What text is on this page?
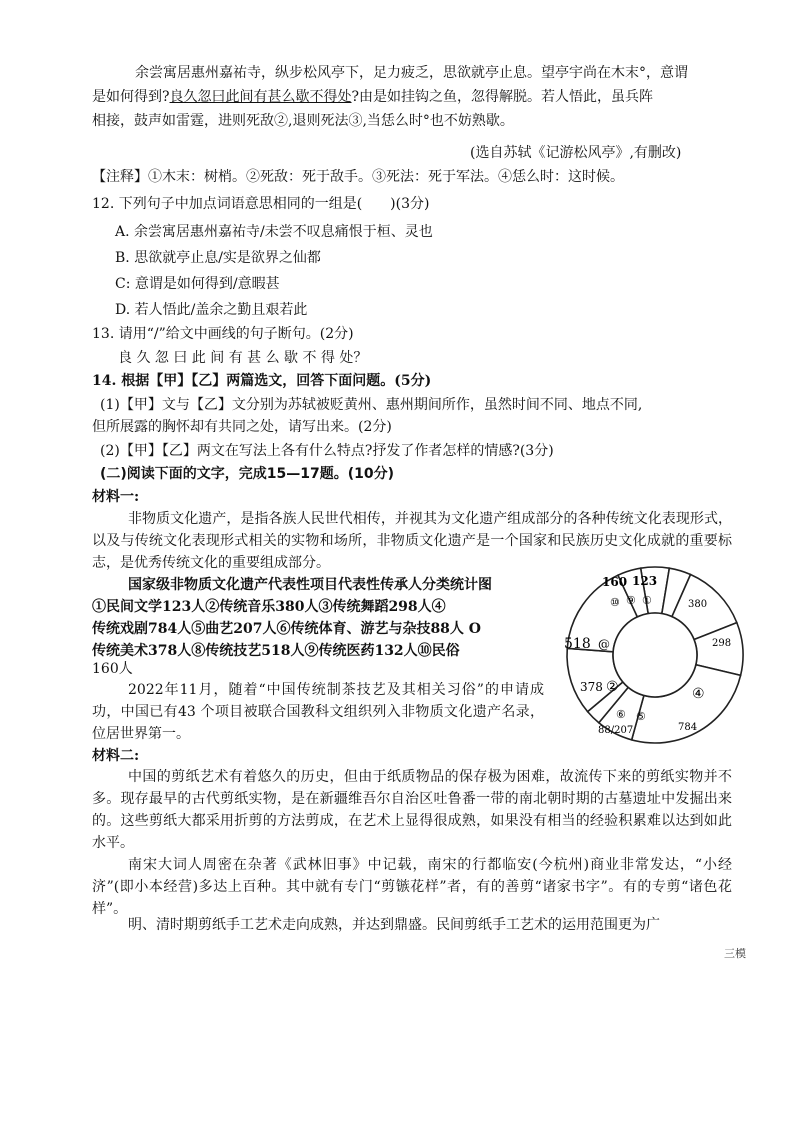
余尝寓居惠州嘉祐寺，纵步松风亭下，足力疲乏，思欲就亭止息。望亭宇尚在木末°，意谓
是如何得到?良久忽曰此间有甚么歇不得处?由是如挂钩之鱼，忽得解脱。若人悟此，虽兵阵
相接，鼓声如雷霆，进则死敌②,退则死法③,当恁么时°也不妨熟歇。
(选自苏轼《记游松风亭》,有删改)
【注释】①木末：树梢。②死敌：死于敌手。③死法：死于军法。④恁么时：这时候。
12. 下列句子中加点词语意思相同的一组是(　　)(3分)
A. 余尝寓居惠州嘉祐寺/未尝不叹息痛恨于桓、灵也
B. 思欲就亭止息/实是欲界之仙都
C: 意谓是如何得到/意暇甚
D. 若人悟此/盖余之勤且艰若此
13. 请用“/”给文中画线的句子断句。(2分)
良 久 忽 曰 此 间 有 甚 么 歇 不 得 处？
14. 根据【甲】【乙】两篇选文，回答下面问题。(5分)
(1)【甲】文与【乙】文分别为苏轼被贬黄州、惠州期间所作，虽然时间不同、地点不同,
但所展露的胸怀却有共同之处，请写出来。(2分)
(2)【甲】【乙】两文在写法上各有什么特点?抒发了作者怎样的情感?(3分)
(二)阅读下面的文字，完成15—17题。(10分)
材料一:
非物质文化遗产，是指各族人民世代相传，并视其为文化遗产组成部分的各种传统文化表现形式，以及与传统文化表现形式相关的实物和场所，非物质文化遗产是一个国家和民族历史文化成就的重要标志，是优秀传统文化的重要组成部分。
国家级非物质文化遗产代表性项目代表性传承人分类统计图
①民间文学123人②传统音乐380人③传统舞蹈298人④
传统戏剧784人⑤曲艺207人⑥传统体育、游艺与杂技88人 O
传统美术378人⑧传统技艺518人⑨传统医药132人⑩民俗
160人
2022年11月，随着“中国传统制茶技艺及其相关习俗”的申请成功，中国已有43 个项目被联合国教科文组织列入非物质文化遗产名录，位居世界第一。
材料二:
中国的剪纸艺术有着悠久的历史，但由于纸质物品的保存极为困难，故流传下来的剪纸实物并不多。现存最早的古代剪纸实物，是在新疆维吾尔自治区吐鲁番一带的南北朝时期的古墓遗址中发掘出来的。这些剪纸大都采用折剪的方法剪成，在艺术上显得很成熟，如果没有相当的经验积累难以达到如此水平。
南宋大词人周密在杂著《武林旧事》中记载，南宋的行都临安(今杭州)商业非常发达，“小经济”(即小本经营)多达上百种。其中就有专门“剪镞花样”者，有的善剪“诸家书字”。有的专剪“诸色花样”。
明、清时期剪纸手工艺术走向成熟，并达到鼎盛。民间剪纸手工艺术的运用范围更为广
三模
160 123
380
298
784
88/207
378
518
①
⑨
⑩
②	④
⑤
⑥
@
